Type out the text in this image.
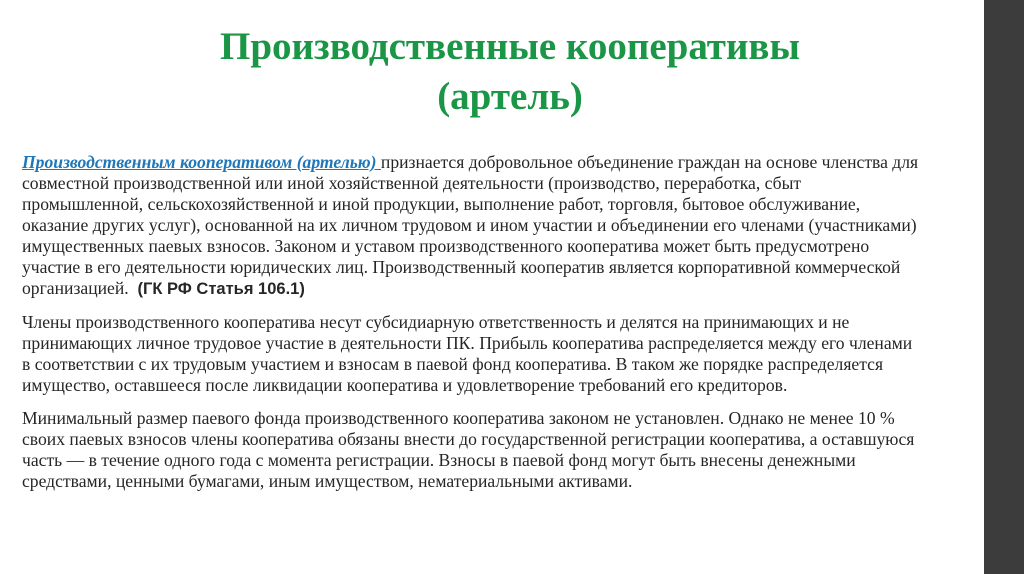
Производственные кооперативы
(артель)

Производственным кооперативом (артелью) признается добровольное объединение граждан на основе членства для совместной производственной или иной хозяйственной деятельности (производство, переработка, сбыт промышленной, сельскохозяйственной и иной продукции, выполнение работ, торговля, бытовое обслуживание, оказание других услуг), основанной на их личном трудовом и ином участии и объединении его членами (участниками) имущественных паевых взносов. Законом и уставом производственного кооператива может быть предусмотрено участие в его деятельности юридических лиц. Производственный кооператив является корпоративной коммерческой организацией. (ГК РФ Статья 106.1)

Члены производственного кооператива несут субсидиарную ответственность и делятся на принимающих и не принимающих личное трудовое участие в деятельности ПК. Прибыль кооператива распределяется между его членами в соответствии с их трудовым участием и взносам в паевой фонд кооператива. В таком же порядке распределяется имущество, оставшееся после ликвидации кооператива и удовлетворение требований его кредиторов.

Минимальный размер паевого фонда производственного кооператива законом не установлен. Однако не менее 10 % своих паевых взносов члены кооператива обязаны внести до государственной регистрации кооператива, а оставшуюся часть — в течение одного года с момента регистрации. Взносы в паевой фонд могут быть внесены денежными средствами, ценными бумагами, иным имуществом, нематериальными активами.
